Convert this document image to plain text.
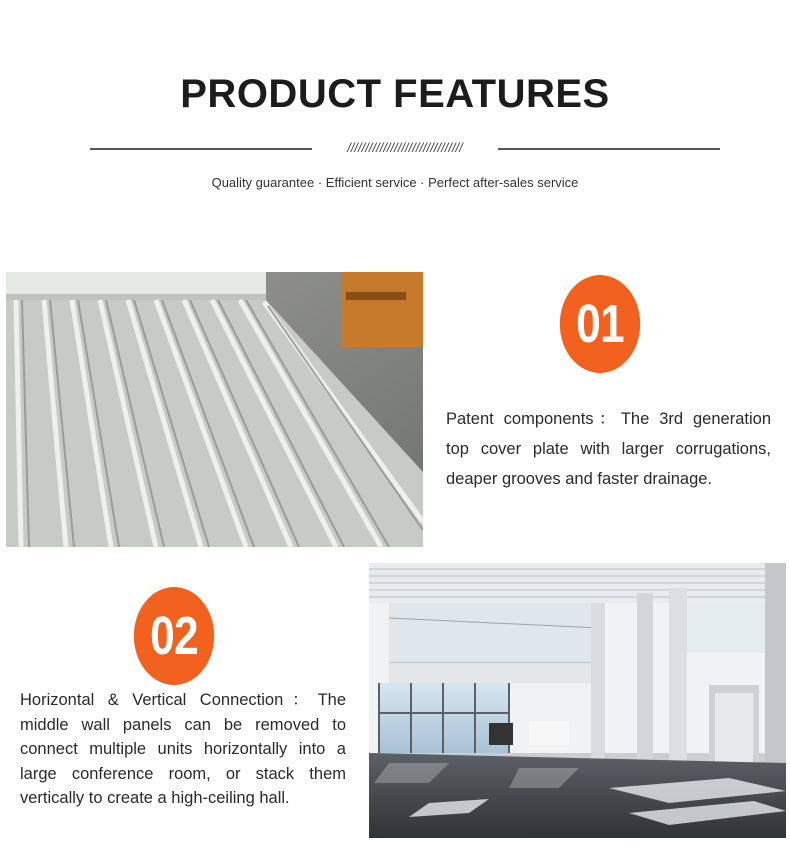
PRODUCT FEATURES
////////////////////////////////

Quality guarantee · Efficient service · Perfect after-sales service

01

Patent components：The 3rd generation top cover plate with larger corrugations, deaper grooves and faster drainage.

02

Horizontal & Vertical Connection：The middle wall panels can be removed to connect multiple units horizontally into a large conference room, or stack them vertically to create a high-ceiling hall.
